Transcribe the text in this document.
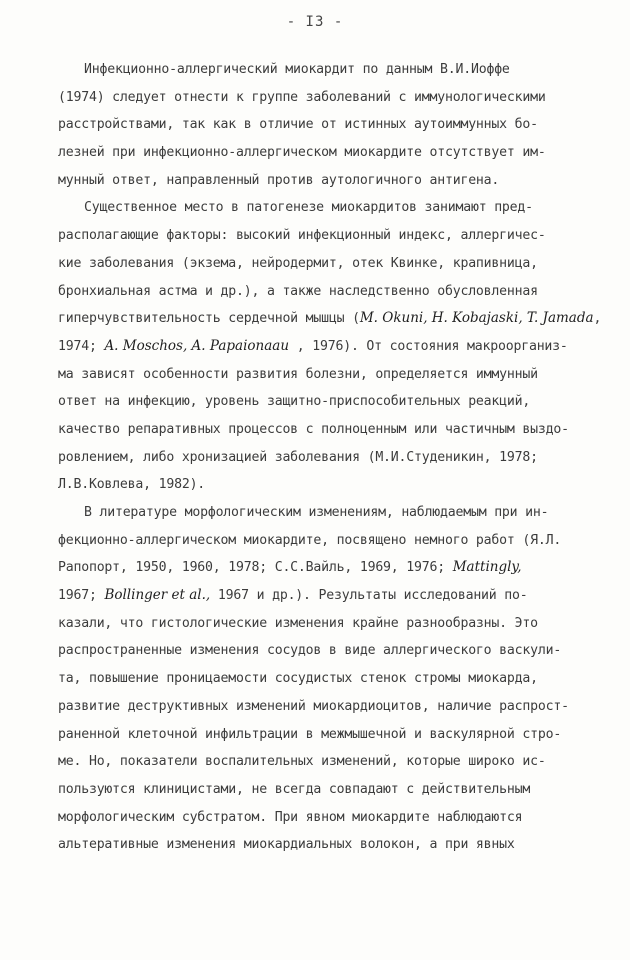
- I3 -
Инфекционно-аллергический миокардит по данным В.И.Иоффе
(1974) следует отнести к группе заболеваний с иммунологическими
расстройствами, так как в отличие от истинных аутоиммунных бо-
лезней при инфекционно-аллергическом миокардите отсутствует им-
мунный ответ, направленный против аутологичного антигена.
Существенное место в патогенезе миокардитов занимают пред-
располагающие факторы: высокий инфекционный индекс, аллергичес-
кие заболевания (экзема, нейродермит, отек Квинке, крапивница,
бронхиальная астма и др.), а также наследственно обусловленная
гиперчувствительность сердечной мышцы (M. Okuni, H. Kobajaski, T. Jamada,
1974; A. Moschos, A. Papaionaau , 1976). От состояния макроорганиз-
ма зависят особенности развития болезни, определяется иммунный
ответ на инфекцию, уровень защитно-приспособительных реакций,
качество репаративных процессов с полноценным или частичным выздо-
ровлением, либо хронизацией заболевания (М.И.Студеникин, 1978;
Л.В.Ковлева, 1982).
В литературе морфологическим изменениям, наблюдаемым при ин-
фекционно-аллергическом миокардите, посвящено немного работ (Я.Л.
Рапопорт, 1950, 1960, 1978; С.С.Вайль, 1969, 1976; Mattingly,
1967; Bollinger et al., 1967 и др.). Результаты исследований по-
казали, что гистологические изменения крайне разнообразны. Это
распространенные изменения сосудов в виде аллергического васкули-
та, повышение проницаемости сосудистых стенок стромы миокарда,
развитие деструктивных изменений миокардиоцитов, наличие распрост-
раненной клеточной инфильтрации в межмышечной и васкулярной стро-
ме. Но, показатели воспалительных изменений, которые широко ис-
пользуются клиницистами, не всегда совпадают с действительным
морфологическим субстратом. При явном миокардите наблюдаются
альтеративные изменения миокардиальных волокон, а при явных
